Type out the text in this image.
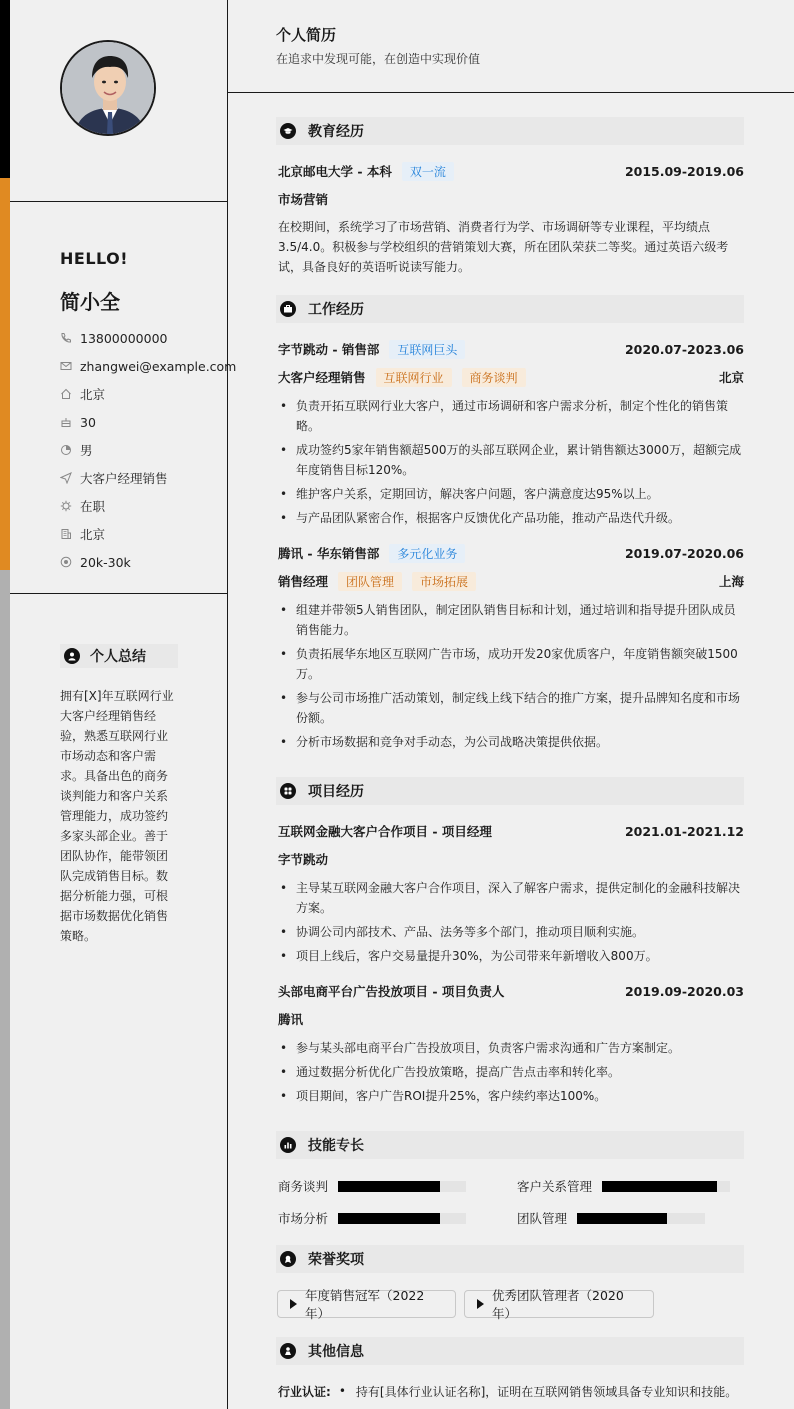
HELLO!
简小全
13800000000
zhangwei@example.com
北京
30
男
大客户经理销售
在职
北京
20k-30k
个人总结
拥有[X]年互联网行业大客户经理销售经验，熟悉互联网行业市场动态和客户需求。具备出色的商务谈判能力和客户关系管理能力，成功签约多家头部企业。善于团队协作，能带领团队完成销售目标。数据分析能力强，可根据市场数据优化销售策略。
个人简历
在追求中发现可能，在创造中实现价值
教育经历
北京邮电大学 - 本科	双一流	2015.09-2019.06
市场营销
在校期间，系统学习了市场营销、消费者行为学、市场调研等专业课程，平均绩点3.5/4.0。积极参与学校组织的营销策划大赛，所在团队荣获二等奖。通过英语六级考试，具备良好的英语听说读写能力。
工作经历
字节跳动 - 销售部	互联网巨头	2020.07-2023.06
大客户经理销售	互联网行业	商务谈判	北京
• 负责开拓互联网行业大客户，通过市场调研和客户需求分析，制定个性化的销售策略。
• 成功签约5家年销售额超500万的头部互联网企业，累计销售额达3000万，超额完成年度销售目标120%。
• 维护客户关系，定期回访，解决客户问题，客户满意度达95%以上。
• 与产品团队紧密合作，根据客户反馈优化产品功能，推动产品迭代升级。
腾讯 - 华东销售部	多元化业务	2019.07-2020.06
销售经理	团队管理	市场拓展	上海
• 组建并带领5人销售团队，制定团队销售目标和计划，通过培训和指导提升团队成员销售能力。
• 负责拓展华东地区互联网广告市场，成功开发20家优质客户，年度销售额突破1500万。
• 参与公司市场推广活动策划，制定线上线下结合的推广方案，提升品牌知名度和市场份额。
• 分析市场数据和竞争对手动态，为公司战略决策提供依据。
项目经历
互联网金融大客户合作项目 - 项目经理	2021.01-2021.12
字节跳动
• 主导某互联网金融大客户合作项目，深入了解客户需求，提供定制化的金融科技解决方案。
• 协调公司内部技术、产品、法务等多个部门，推动项目顺利实施。
• 项目上线后，客户交易量提升30%，为公司带来年新增收入800万。
头部电商平台广告投放项目 - 项目负责人	2019.09-2020.03
腾讯
• 参与某头部电商平台广告投放项目，负责客户需求沟通和广告方案制定。
• 通过数据分析优化广告投放策略，提高广告点击率和转化率。
• 项目期间，客户广告ROI提升25%，客户续约率达100%。
技能专长
商务谈判	客户关系管理
市场分析	团队管理
荣誉奖项
年度销售冠军（2022年）
优秀团队管理者（2020年）
其他信息
行业认证: • 持有[具体行业认证名称]，证明在互联网销售领域具备专业知识和技能。
